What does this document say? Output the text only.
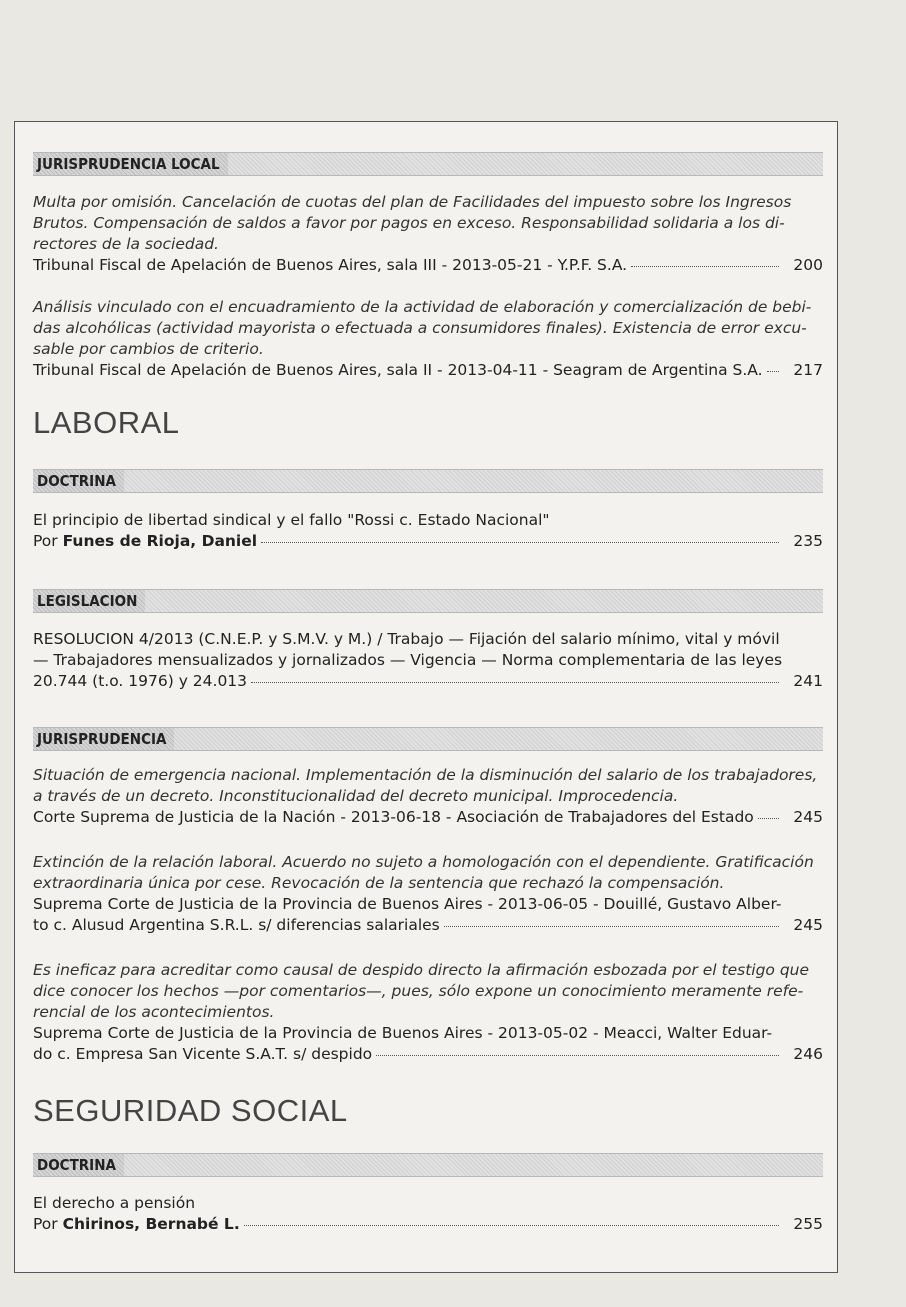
JURISPRUDENCIA LOCAL

Multa por omisión. Cancelación de cuotas del plan de Facilidades del impuesto sobre los Ingresos

Brutos. Compensación de saldos a favor por pagos en exceso. Responsabilidad solidaria a los di-

rectores de la sociedad.

Tribunal Fiscal de Apelación de Buenos Aires, sala III - 2013-05-21 - Y.P.F. S.A.	200

Análisis vinculado con el encuadramiento de la actividad de elaboración y comercialización de bebi-

das alcohólicas (actividad mayorista o efectuada a consumidores finales). Existencia de error excu-

sable por cambios de criterio.

Tribunal Fiscal de Apelación de Buenos Aires, sala II - 2013-04-11 - Seagram de Argentina S.A.	217
LABORAL
DOCTRINA

El principio de libertad sindical y el fallo "Rossi c. Estado Nacional"

Por Funes de Rioja, Daniel	235
LEGISLACION

RESOLUCION 4/2013 (C.N.E.P. y S.M.V. y M.) / Trabajo — Fijación del salario mínimo, vital y móvil

— Trabajadores mensualizados y jornalizados — Vigencia — Norma complementaria de las leyes

20.744 (t.o. 1976) y 24.013	241
JURISPRUDENCIA

Situación de emergencia nacional. Implementación de la disminución del salario de los trabajadores,

a través de un decreto. Inconstitucionalidad del decreto municipal. Improcedencia.

Corte Suprema de Justicia de la Nación - 2013-06-18 - Asociación de Trabajadores del Estado	245

Extinción de la relación laboral. Acuerdo no sujeto a homologación con el dependiente. Gratificación

extraordinaria única por cese. Revocación de la sentencia que rechazó la compensación.

Suprema Corte de Justicia de la Provincia de Buenos Aires - 2013-06-05 - Douillé, Gustavo Alber-

to c. Alusud Argentina S.R.L. s/ diferencias salariales	245

Es ineficaz para acreditar como causal de despido directo la afirmación esbozada por el testigo que

dice conocer los hechos —por comentarios—, pues, sólo expone un conocimiento meramente refe-

rencial de los acontecimientos.

Suprema Corte de Justicia de la Provincia de Buenos Aires - 2013-05-02 - Meacci, Walter Eduar-

do c. Empresa San Vicente S.A.T. s/ despido	246
SEGURIDAD SOCIAL
DOCTRINA

El derecho a pensión

Por Chirinos, Bernabé L.	255
